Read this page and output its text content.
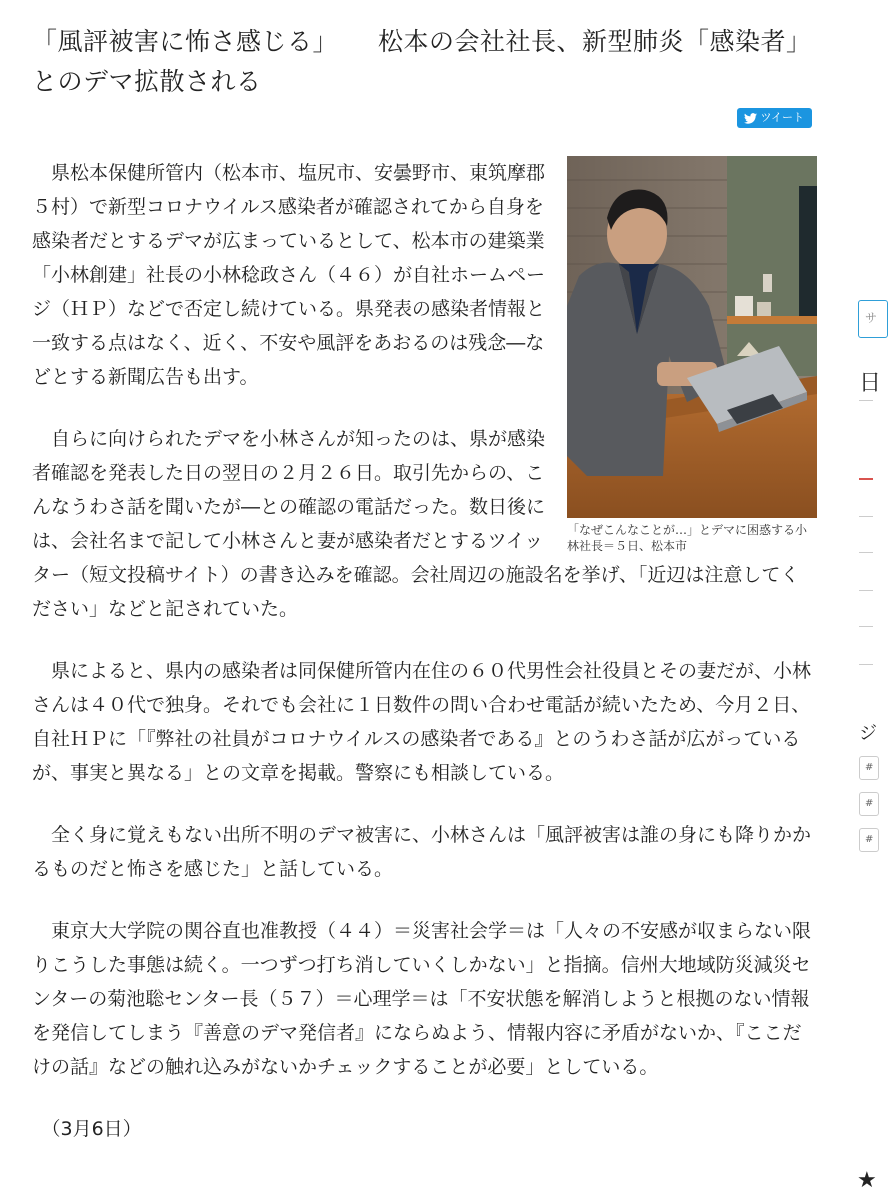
「風評被害に怖さ感じる」 松本の会社社長、新型肺炎「感染者」とのデマ拡散される
ツイート
「なぜこんなことが…」とデマに困惑する小林社長＝５日、松本市

県松本保健所管内（松本市、塩尻市、安曇野市、東筑摩郡５村）で新型コロナウイルス感染者が確認されてから自身を感染者だとするデマが広まっているとして、松本市の建築業「小林創建」社長の小林稔政さん（４６）が自社ホームページ（ＨＰ）などで否定し続けている。県発表の感染者情報と一致する点はなく、近く、不安や風評をあおるのは残念―などとする新聞広告も出す。

自らに向けられたデマを小林さんが知ったのは、県が感染者確認を発表した日の翌日の２月２６日。取引先からの、こんなうわさ話を聞いたが―との確認の電話だった。数日後には、会社名まで記して小林さんと妻が感染者だとするツイッター（短文投稿サイト）の書き込みを確認。会社周辺の施設名を挙げ、「近辺は注意してください」などと記されていた。

県によると、県内の感染者は同保健所管内在住の６０代男性会社役員とその妻だが、小林さんは４０代で独身。それでも会社に１日数件の問い合わせ電話が続いたため、今月２日、自社ＨＰに「『弊社の社員がコロナウイルスの感染者である』とのうわさ話が広がっているが、事実と異なる」との文章を掲載。警察にも相談している。

全く身に覚えもない出所不明のデマ被害に、小林さんは「風評被害は誰の身にも降りかかるものだと怖さを感じた」と話している。

東京大大学院の関谷直也准教授（４４）＝災害社会学＝は「人々の不安感が収まらない限りこうした事態は続く。一つずつ打ち消していくしかない」と指摘。信州大地域防災減災センターの菊池聡センター長（５７）＝心理学＝は「不安状態を解消しようと根拠のない情報を発信してしまう『善意のデマ発信者』にならぬよう、情報内容に矛盾がないか、『ここだけの話』などの触れ込みがないかチェックすることが必要」としている。

（3月6日）

サ
日
ジ
#
#
#
★
